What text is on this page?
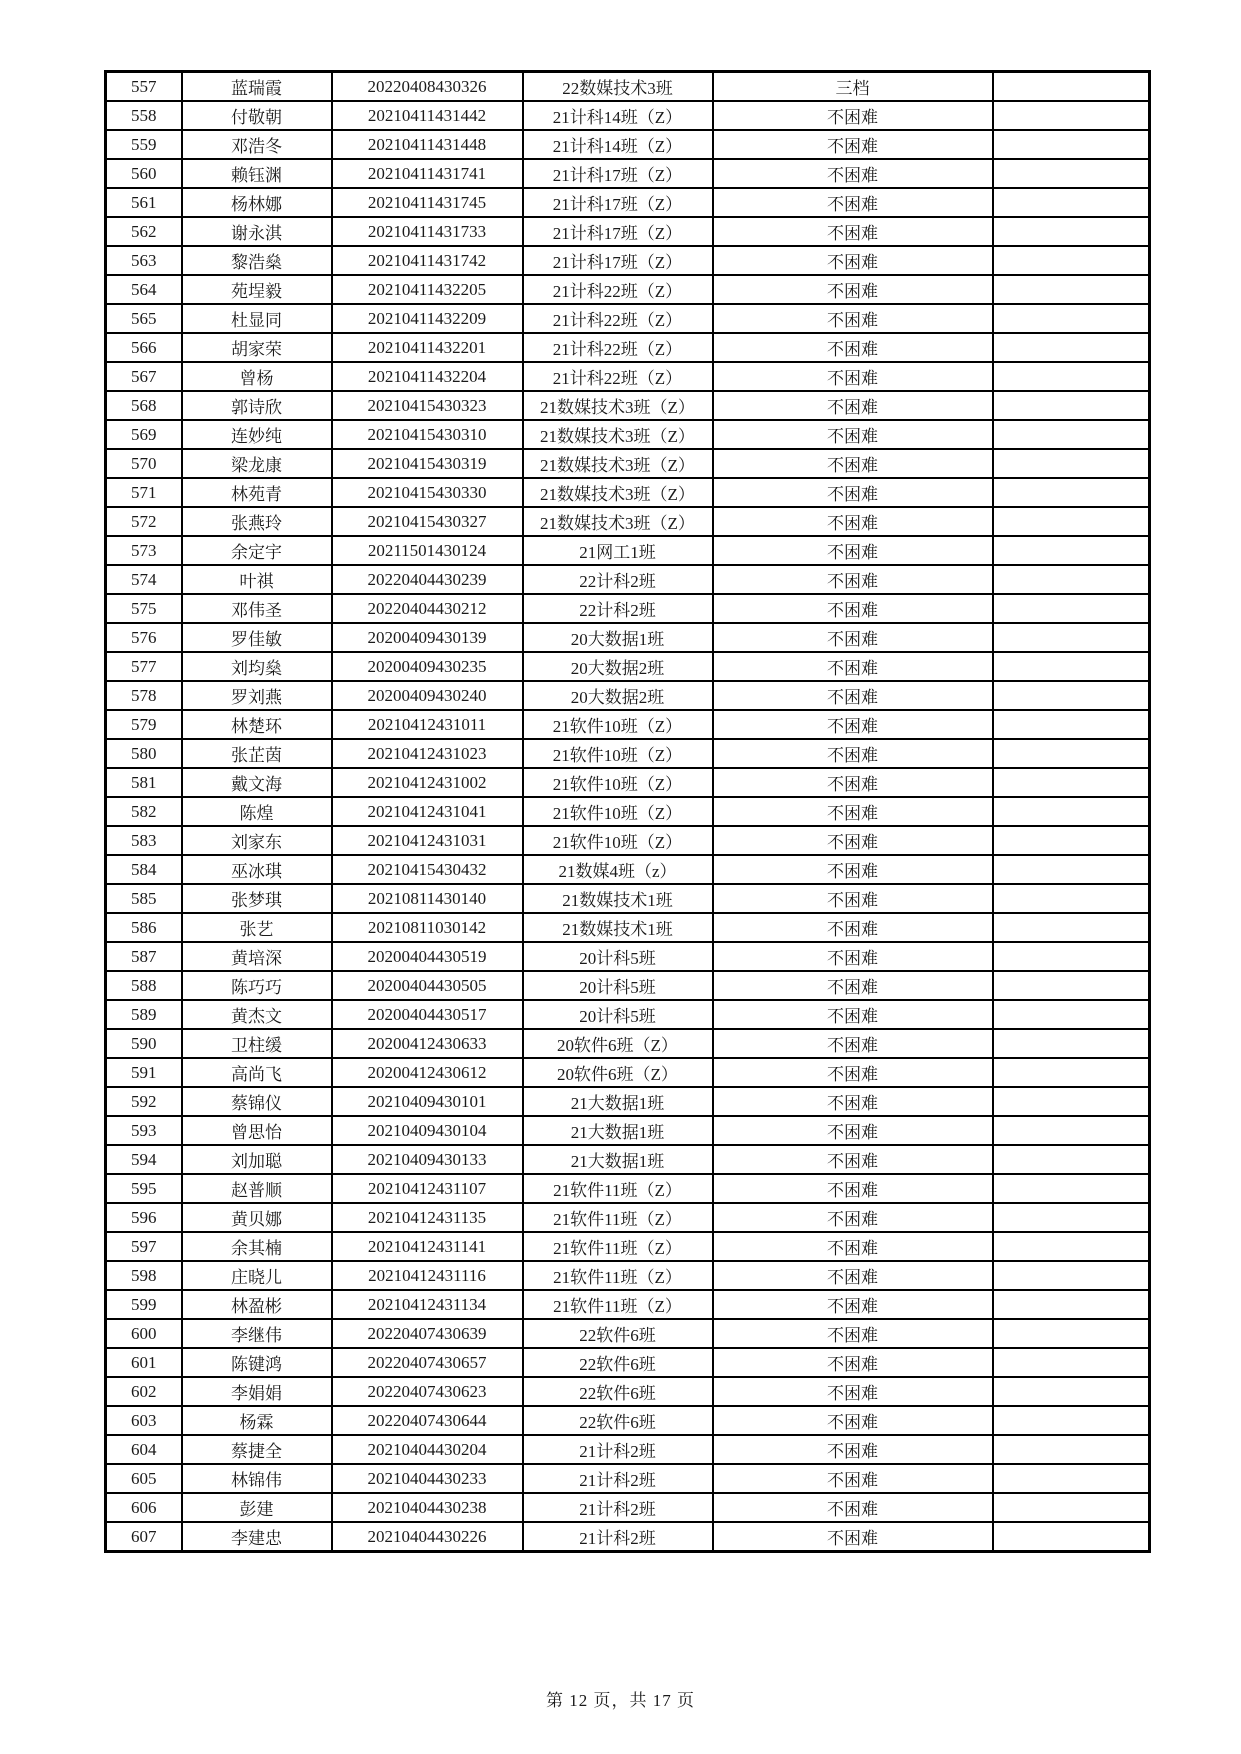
557	蓝瑞霞	20220408430326	22数媒技术3班	三档	
558	付敬朝	20210411431442	21计科14班（Z）	不困难	
559	邓浩冬	20210411431448	21计科14班（Z）	不困难	
560	赖钰渊	20210411431741	21计科17班（Z）	不困难	
561	杨林娜	20210411431745	21计科17班（Z）	不困难	
562	谢永淇	20210411431733	21计科17班（Z）	不困难	
563	黎浩燊	20210411431742	21计科17班（Z）	不困难	
564	苑埕毅	20210411432205	21计科22班（Z）	不困难	
565	杜显同	20210411432209	21计科22班（Z）	不困难	
566	胡家荣	20210411432201	21计科22班（Z）	不困难	
567	曾杨	20210411432204	21计科22班（Z）	不困难	
568	郭诗欣	20210415430323	21数媒技术3班（Z）	不困难	
569	连妙纯	20210415430310	21数媒技术3班（Z）	不困难	
570	梁龙康	20210415430319	21数媒技术3班（Z）	不困难	
571	林苑青	20210415430330	21数媒技术3班（Z）	不困难	
572	张燕玲	20210415430327	21数媒技术3班（Z）	不困难	
573	余定宇	20211501430124	21网工1班	不困难	
574	叶祺	20220404430239	22计科2班	不困难	
575	邓伟圣	20220404430212	22计科2班	不困难	
576	罗佳敏	20200409430139	20大数据1班	不困难	
577	刘均燊	20200409430235	20大数据2班	不困难	
578	罗刘燕	20200409430240	20大数据2班	不困难	
579	林楚环	20210412431011	21软件10班（Z）	不困难	
580	张芷茵	20210412431023	21软件10班（Z）	不困难	
581	戴文海	20210412431002	21软件10班（Z）	不困难	
582	陈煌	20210412431041	21软件10班（Z）	不困难	
583	刘家东	20210412431031	21软件10班（Z）	不困难	
584	巫冰琪	20210415430432	21数媒4班（z）	不困难	
585	张梦琪	20210811430140	21数媒技术1班	不困难	
586	张艺	20210811030142	21数媒技术1班	不困难	
587	黄培深	20200404430519	20计科5班	不困难	
588	陈巧巧	20200404430505	20计科5班	不困难	
589	黄杰文	20200404430517	20计科5班	不困难	
590	卫柱缓	20200412430633	20软件6班（Z）	不困难	
591	高尚飞	20200412430612	20软件6班（Z）	不困难	
592	蔡锦仪	20210409430101	21大数据1班	不困难	
593	曾思怡	20210409430104	21大数据1班	不困难	
594	刘加聪	20210409430133	21大数据1班	不困难	
595	赵普顺	20210412431107	21软件11班（Z）	不困难	
596	黄贝娜	20210412431135	21软件11班（Z）	不困难	
597	余其楠	20210412431141	21软件11班（Z）	不困难	
598	庄晓儿	20210412431116	21软件11班（Z）	不困难	
599	林盈彬	20210412431134	21软件11班（Z）	不困难	
600	李继伟	20220407430639	22软件6班	不困难	
601	陈键鸿	20220407430657	22软件6班	不困难	
602	李娟娟	20220407430623	22软件6班	不困难	
603	杨霖	20220407430644	22软件6班	不困难	
604	蔡捷全	20210404430204	21计科2班	不困难	
605	林锦伟	20210404430233	21计科2班	不困难	
606	彭建	20210404430238	21计科2班	不困难	
607	李建忠	20210404430226	21计科2班	不困难	
第 12 页，共 17 页
